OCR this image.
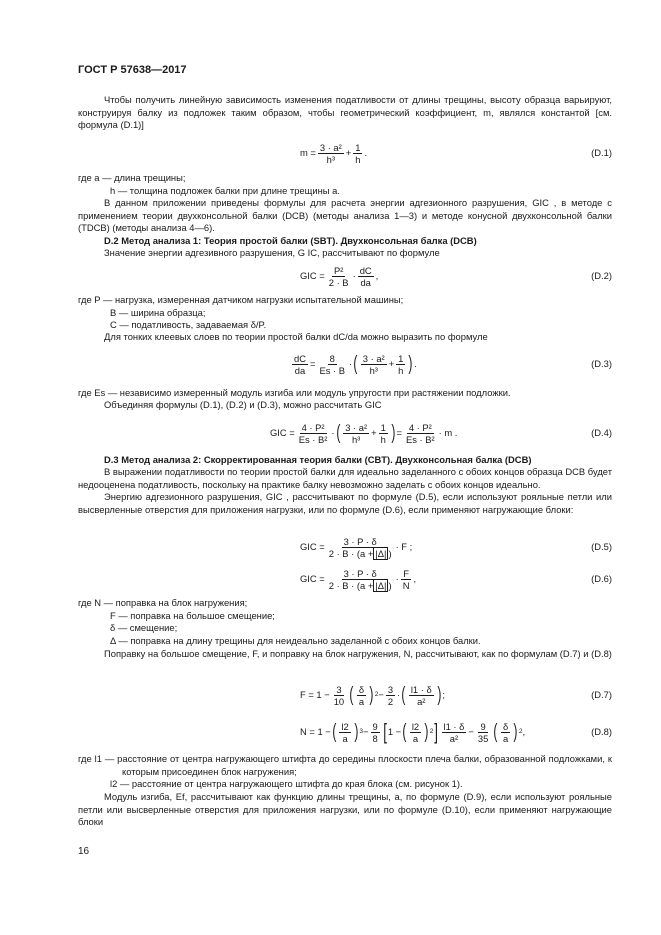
ГОСТ Р 57638—2017
Чтобы получить линейную зависимость изменения податливости от длины трещины, высоту образца варьируют, конструируя балку из подложек таким образом, чтобы геометрический коэффициент, m, являлся константой [см. формула (D.1)]
$m = \frac{\text{3 · a²}}{\text{h³}} + \frac{1}{h}$ .	(D.1)
где a — длина трещины;
h — толщина подложек балки при длине трещины a.
В данном приложении приведены формулы для расчета энергии адгезионного разрушения, GIC , в методе с применением теории двухконсольной балки (DCB) (методы анализа 1—3) и методе конусной двухконсольной балки (TDCB) (методы анализа 4—6).
D.2 Метод анализа 1: Теория простой балки (SBT). Двухконсольная балка (DCB)
Значение энергии адгезивного разрушения, G IC, рассчитывают по формуле
GIC = $\frac{\text{P²}}{2 \cdot B} \cdot \frac{dC}{da}$ ,	(D.2)
где P — нагрузка, измеренная датчиком нагрузки испытательной машины;
B — ширина образца;
C — податливость, задаваемая δ/P.
Для тонких клеевых слоев по теории простой балки dC/da можно выразить по формуле
$\frac{dC}{da} = \frac{8}{Es \cdot B}$ · ( $\frac{\text{3 · a²}}{\text{h³}} + \frac{1}{h}$ ) .	(D.3)
где Es — независимо измеренный модуль изгиба или модуль упругости при растяжении подложки.
Объединяя формулы (D.1), (D.2) и (D.3), можно рассчитать GIC
GIC = $\frac{\text{4 · P²}}{\text{Es · B²}}$ · ( $\frac{\text{3 · a²}}{\text{h³}} + \frac{1}{h}$ ) = $\frac{\text{4 · P²}}{\text{Es · B²}} \cdot m$ .	(D.4)
D.3 Метод анализа 2: Скорректированная теория балки (CBT). Двухконсольная балка (DCB)
В выражении податливости по теории простой балки для идеально заделанного с обоих концов образца DCB будет недооценена податливость, поскольку на практике балку невозможно заделать с обоих концов идеально.
Энергию адгезионного разрушения, GIC , рассчитывают по формуле (D.5), если используют рояльные петли или высверленные отверстия для приложения нагрузки, или по формуле (D.6), если применяют нагружающие блоки:
GIC = $\frac{3 \cdot P \cdot \delta}{2 \cdot B \cdot (a + |\Delta| )} \cdot F$ ;	(D.5)
GIC = $\frac{3 \cdot P \cdot \delta}{2 \cdot B \cdot (a + |\Delta| )} \cdot \frac{F}{N}$ ,	(D.6)
где N — поправка на блок нагружения;
F — поправка на большое смещение;
δ — смещение;
Δ — поправка на длину трещины для неидеально заделанной с обоих концов балки.
Поправку на большое смещение, F, и поправку на блок нагружения, N, рассчитывают, как по формулам (D.7) и (D.8)
$F = 1 - \frac{3}{10}$ ( $\frac{\delta}{a}$ ) $2 - \frac{3}{2}$ · ( $\frac{l1 \cdot \delta}{\text{a²}}$ ) ;	(D.7)
N = 1 − ( $\frac{l2}{a}$ ) $3 - \frac{9}{8}$ [ 1 − ( $\frac{l2}{a}$ ) 2 ] $\frac{l1 \cdot \delta}{\text{a²}} - \frac{9}{35}$ ( $\frac{\delta}{a}$ ) 2 ,	(D.8)
где l1 — расстояние от центра нагружающего штифта до середины плоскости плеча балки, образованной подложками, к которым присоединен блок нагружения;
l2 — расстояние от центра нагружающего штифта до края блока (см. рисунок 1).
Модуль изгиба, Ef, рассчитывают как функцию длины трещины, a, по формуле (D.9), если используют рояльные петли или высверленные отверстия для приложения нагрузки, или по формуле (D.10), если применяют нагружающие блоки
16
